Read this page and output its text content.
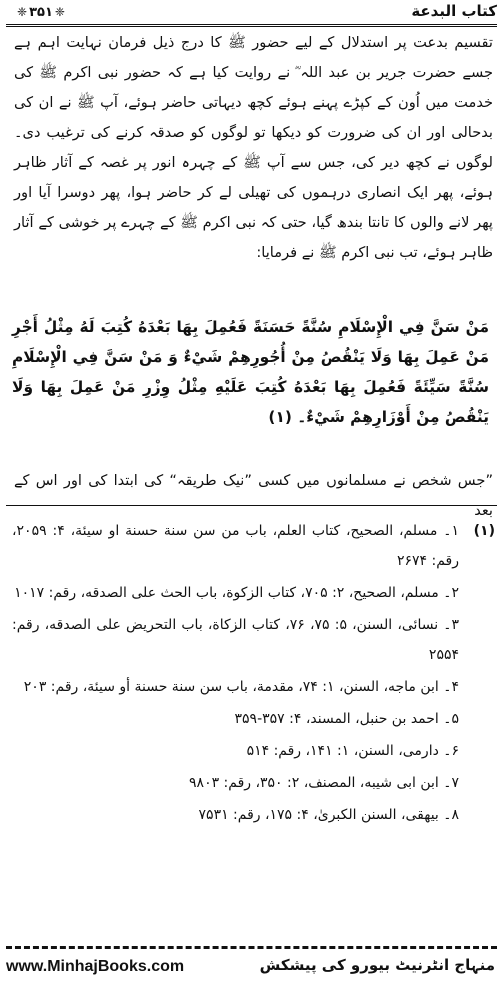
كتاب البدعة
❈ ۳۵۱ ❈
تقسیم بدعت پر استدلال کے لیے حضور ﷺ کا درج ذیل فرمان نہایت اہم ہے جسے حضرت جریر بن عبد اللہ ؓ نے روایت کیا ہے کہ حضور نبی اکرم ﷺ کی خدمت میں اُون کے کپڑے پہنے ہوئے کچھ دیہاتی حاضر ہوئے، آپ ﷺ نے ان کی بدحالی اور ان کی ضرورت کو دیکھا تو لوگوں کو صدقہ کرنے کی ترغیب دی۔ لوگوں نے کچھ دیر کی، جس سے آپ ﷺ کے چہرہ انور پر غصہ کے آثار ظاہر ہوئے، پھر ایک انصاری درہموں کی تھیلی لے کر حاضر ہوا، پھر دوسرا آیا اور پھر لانے والوں کا تانتا بندھ گیا، حتی کہ نبی اکرم ﷺ کے چہرے پر خوشی کے آثار ظاہر ہوئے، تب نبی اکرم ﷺ نے فرمایا:
مَنْ سَنَّ فِي الْإِسْلَامِ سُنَّةً حَسَنَةً فَعُمِلَ بِهَا بَعْدَهُ كُتِبَ لَهُ مِثْلُ أَجْرِ مَنْ عَمِلَ بِهَا وَلَا يَنْقُصُ مِنْ أُجُورِهِمْ شَيْءٌ وَ مَنْ سَنَّ فِي الْإِسْلَامِ سُنَّةً سَيِّئَةً فَعُمِلَ بِهَا بَعْدَهُ كُتِبَ عَلَيْهِ مِثْلُ وِزْرِ مَنْ عَمِلَ بِهَا وَلَا يَنْقُصُ مِنْ أَوْزَارِهِمْ شَيْءٌ۔ (۱)
”جس شخص نے مسلمانوں میں کسی ”نیک طریقہ“ کی ابتدا کی اور اس کے بعد
(۱)

۱۔ مسلم، الصحيح، كتاب العلم، باب من سن سنة حسنة او سيئة، ۴: ۲۰۵۹، رقم: ۲۶۷۴

۲۔ مسلم، الصحيح، ۲: ۷۰۵، كتاب الزكوة، باب الحث على الصدقه، رقم: ۱۰۱۷

۳۔ نسائى، السنن، ۵: ۷۵، ۷۶، كتاب الزكاة، باب التحريض على الصدقه، رقم: ۲۵۵۴

۴۔ ابن ماجه، السنن، ۱: ۷۴، مقدمة، باب سن سنة حسنة أو سيئة، رقم: ۲۰۳

۵۔ احمد بن حنبل، المسند، ۴: ۳۵۷-۳۵۹

۶۔ دارمى، السنن، ۱: ۱۴۱، رقم: ۵۱۴

۷۔ ابن ابى شيبه، المصنف، ۲: ۳۵۰، رقم: ۹۸۰۳

۸۔ بيهقى، السنن الكبرىٰ، ۴: ۱۷۵، رقم: ۷۵۳۱

منہاج انٹرنیٹ بیورو کی پیشکش
www.MinhajBooks.com
